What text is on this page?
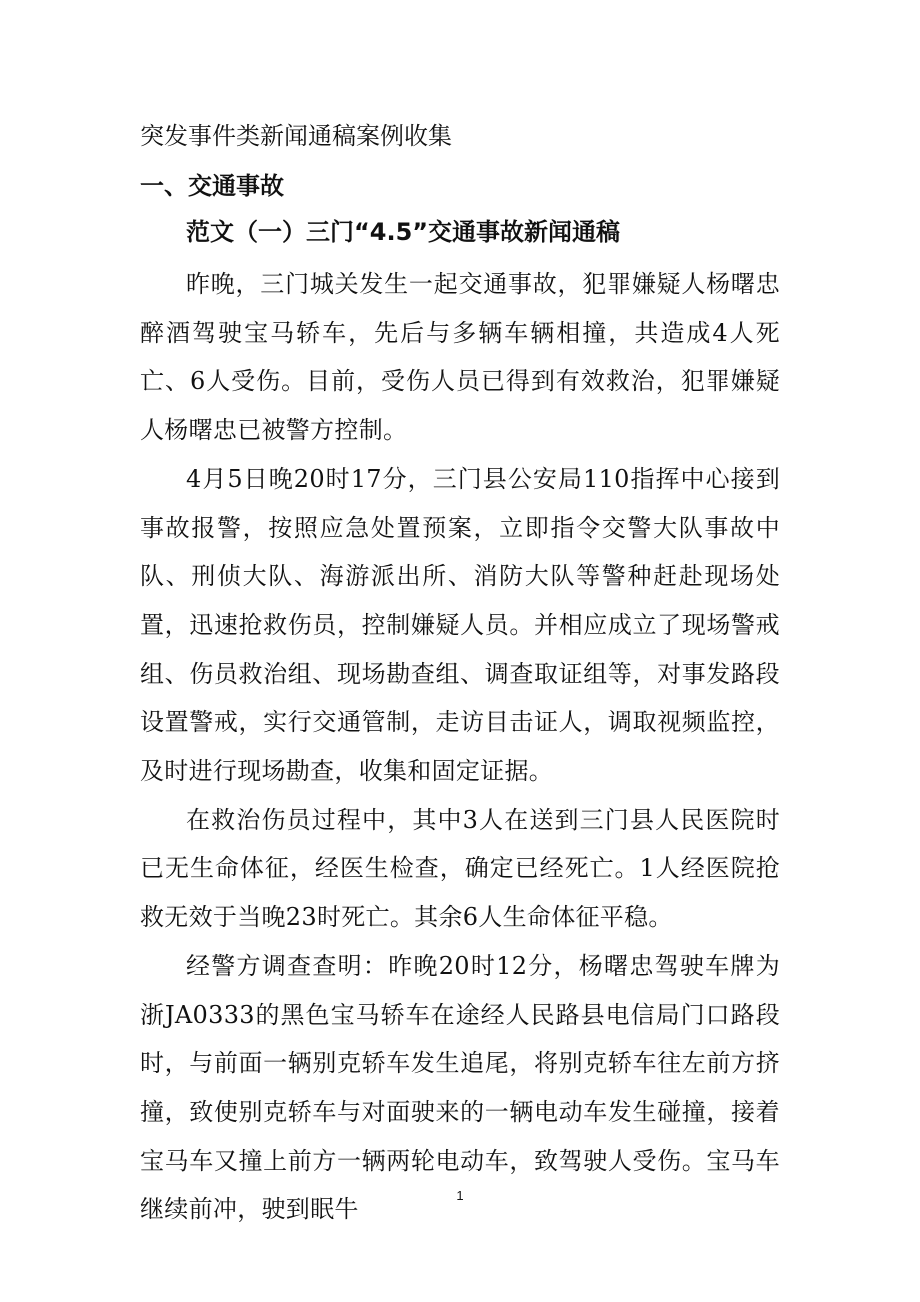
突发事件类新闻通稿案例收集
一、交通事故
范文（一）三门“4.5”交通事故新闻通稿

昨晚，三门城关发生一起交通事故，犯罪嫌疑人杨曙忠醉酒驾驶宝马轿车，先后与多辆车辆相撞，共造成4人死亡、6人受伤。目前，受伤人员已得到有效救治，犯罪嫌疑人杨曙忠已被警方控制。

4月5日晚20时17分，三门县公安局110指挥中心接到事故报警，按照应急处置预案，立即指令交警大队事故中队、刑侦大队、海游派出所、消防大队等警种赶赴现场处置，迅速抢救伤员，控制嫌疑人员。并相应成立了现场警戒组、伤员救治组、现场勘查组、调查取证组等，对事发路段设置警戒，实行交通管制，走访目击证人，调取视频监控，及时进行现场勘查，收集和固定证据。

在救治伤员过程中，其中3人在送到三门县人民医院时已无生命体征，经医生检查，确定已经死亡。1人经医院抢救无效于当晚23时死亡。其余6人生命体征平稳。

经警方调查查明：昨晚20时12分，杨曙忠驾驶车牌为浙JA0333的黑色宝马轿车在途经人民路县电信局门口路段时，与前面一辆别克轿车发生追尾，将别克轿车往左前方挤撞，致使别克轿车与对面驶来的一辆电动车发生碰撞，接着宝马车又撞上前方一辆两轮电动车，致驾驶人受伤。宝马车继续前冲，驶到眠牛	1
